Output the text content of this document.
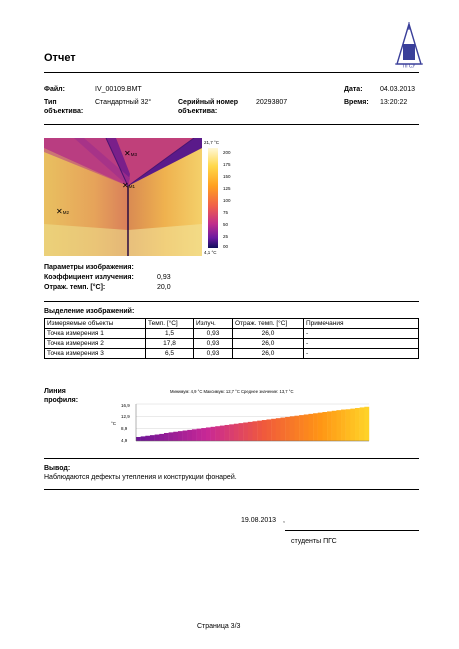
Отчет
ПГСУ
Файл:	IV_00109.BMT	Дата: 04.03.2013
Тип
объектива:
Стандартный 32°	Серийный номер
объектива:
20293807	Время: 13:20:22
✕M1
✕M2
✕M3
21,7 °C
200
175
150
125
100
75
50
25
00
4,1 °C
Параметры изображения:
Коэффициент излучения:	0,93
Отраж. темп. [°C]:	20,0
Выделение изображений:
Измеряемые объекты	Темп. [°C]	Излуч.	Отраж. темп. [°C]	Примечания
Точка измерения 1	1,5	0,93	26,0	-
Точка измерения 2	17,8	0,93	26,0	-
Точка измерения 3	6,5	0,93	26,0	-
Линия
профиля:
Минимум: 4,9 °C Максимум: 12,7 °C Среднее значение: 13,7 °C
°C
16,9
12,9
8,9
4,9
Вывод:
Наблюдаются дефекты утепления и конструкции фонарей.
19.08.2013 ,
студенты ПГС
Страница 3/3
